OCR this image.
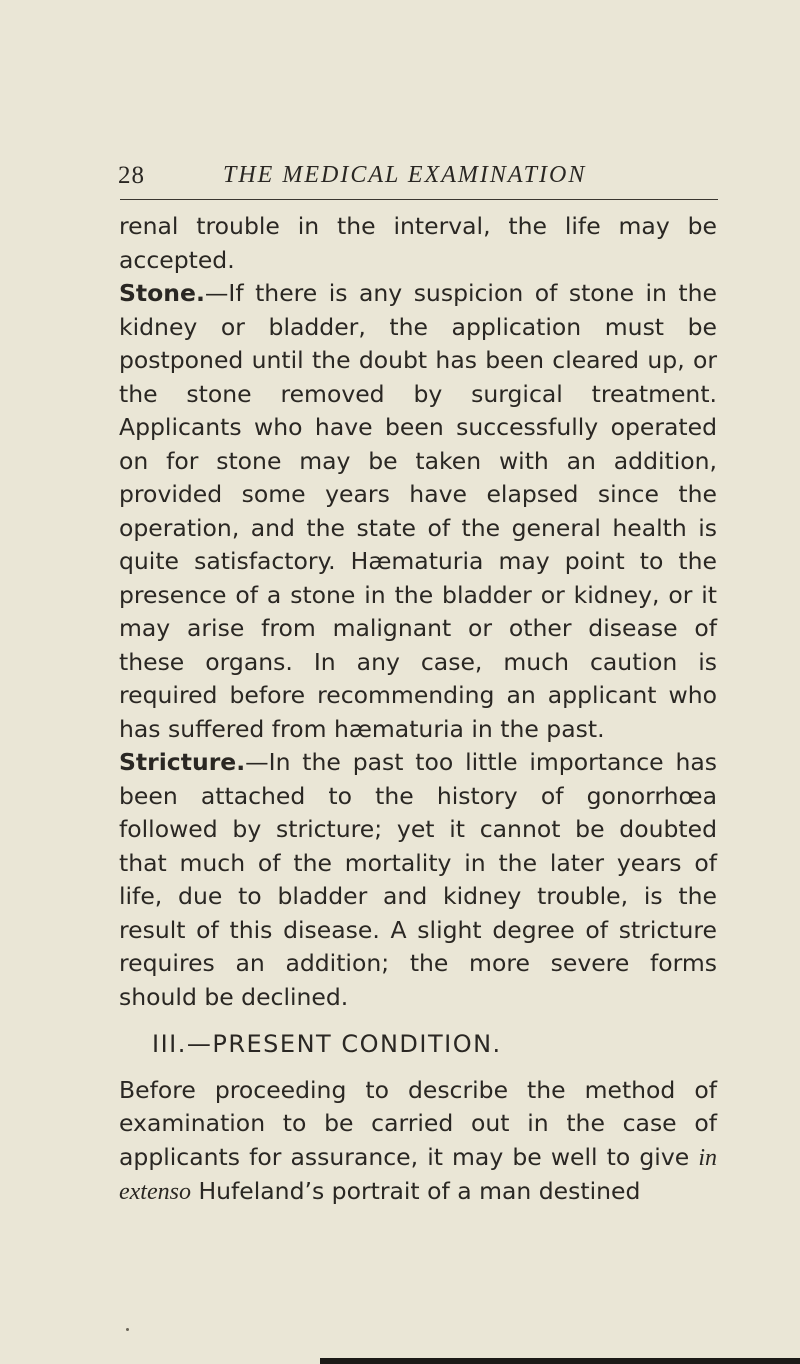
28	THE MEDICAL EXAMINATION

renal trouble in the interval, the life may be accepted.

Stone.—If there is any suspicion of stone in the kidney or bladder, the application must be postponed until the doubt has been cleared up, or the stone removed by surgical treatment. Applicants who have been successfully operated on for stone may be taken with an addition, provided some years have elapsed since the operation, and the state of the general health is quite satisfactory. Hæmaturia may point to the presence of a stone in the bladder or kidney, or it may arise from malignant or other disease of these organs. In any case, much caution is required before recommending an applicant who has suffered from hæmaturia in the past.

Stricture.—In the past too little importance has been attached to the history of gonorrhœa followed by stricture; yet it cannot be doubted that much of the mortality in the later years of life, due to bladder and kidney trouble, is the result of this disease. A slight degree of stricture requires an addition; the more severe forms should be declined.

III.—PRESENT CONDITION.

Before proceeding to describe the method of examination to be carried out in the case of applicants for assurance, it may be well to give in extenso Hufeland’s portrait of a man destined
